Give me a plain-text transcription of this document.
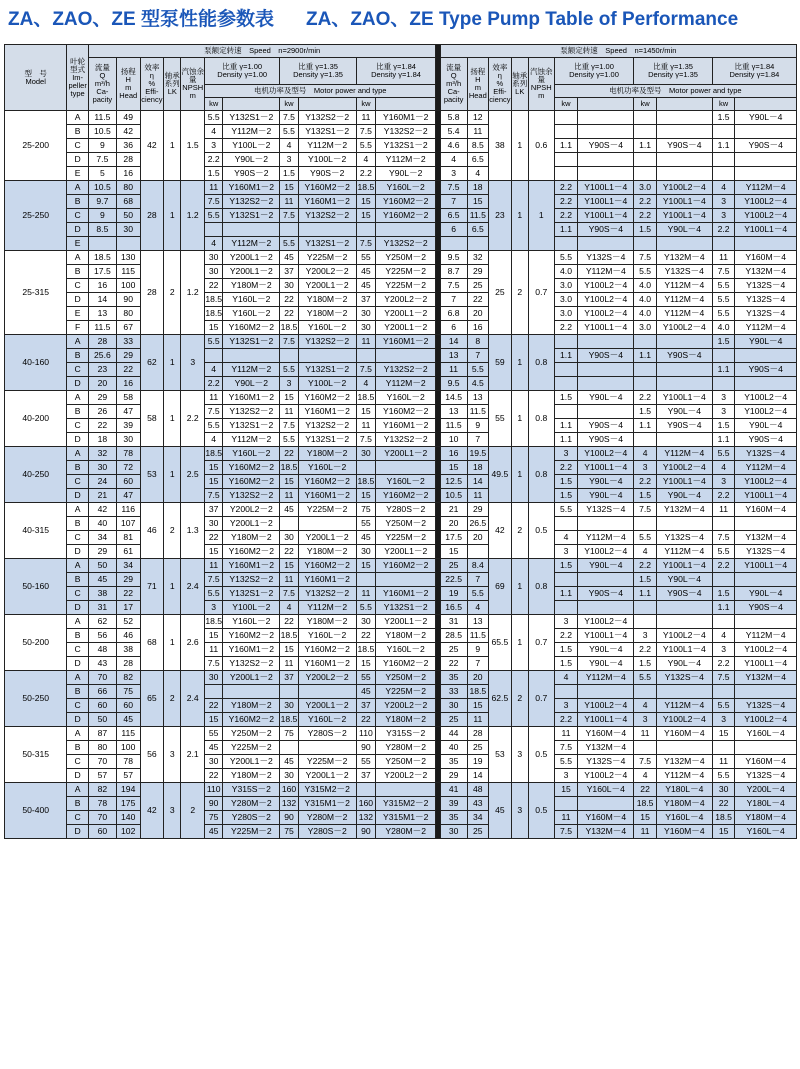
ZA、ZAO、ZE 型泵性能参数表 ZA、ZAO、ZE Type Pump Table of Performance
型　号
Model	叶轮型式
Im-
peller
type	泵额定转速　Speed　n=2900r/min												泵额定转速　Speed　n=1450r/min										
		流量
Q
m³/h
Ca-
pacity	扬程
H
m
Head	效率
η
%
Effi-
ciency	轴承系列
LK	汽蚀余量
NPSH
m	比重 γ=1.00
Density γ=1.00		比重 γ=1.35
Density γ=1.35		比重 γ=1.84
Density γ=1.84			流量
Q
m³/h
Ca-
pacity	扬程
H
m
Head	效率
η
%
Effi-
ciency	轴承系列
LK	汽蚀余量
NPSH
m	比重 γ=1.00
Density γ=1.00		比重 γ=1.35
Density γ=1.35		比重 γ=1.84
Density γ=1.84	
							电机功率及型号　Motor power and type												电机功率及型号　Motor power and type					
							kw		kw		kw								kw		kw		kw	
25-200	A	11.5	49	42	1	1.5	5.5	Y132S1－2	7.5	Y132S2－2	11	Y160M1－2		5.8	12	38	1	0.6					1.5	Y90L－4
	B	10.5	42				4	Y112M－2	5.5	Y132S1－2	7.5	Y132S2－2		5.4	11									
	C	9	36				3	Y100L－2	4	Y112M－2	5.5	Y132S1－2		4.6	8.5				1.1	Y90S－4	1.1	Y90S－4	1.1	Y90S－4
	D	7.5	28				2.2	Y90L－2	3	Y100L－2	4	Y112M－2		4	6.5									
	E	5	16				1.5	Y90S－2	1.5	Y90S－2	2.2	Y90L－2		3	4									
25-250	A	10.5	80	28	1	1.2	11	Y160M1－2	15	Y160M2－2	18.5	Y160L－2		7.5	18	23	1	1	2.2	Y100L1－4	3.0	Y100L2－4	4	Y112M－4
	B	9.7	68				7.5	Y132S2－2	11	Y160M1－2	15	Y160M2－2		7	15				2.2	Y100L1－4	2.2	Y100L1－4	3	Y100L2－4
	C	9	50				5.5	Y132S1－2	7.5	Y132S2－2	15	Y160M2－2		6.5	11.5				2.2	Y100L1－4	2.2	Y100L1－4	3	Y100L2－4
	D	8.5	30											6	6.5				1.1	Y90S－4	1.5	Y90L－4	2.2	Y100L1－4
	E						4	Y112M－2	5.5	Y132S1－2	7.5	Y132S2－2												
25-315	A	18.5	130	28	2	1.2	30	Y200L1－2	45	Y225M－2	55	Y250M－2		9.5	32	25	2	0.7	5.5	Y132S－4	7.5	Y132M－4	11	Y160M－4
	B	17.5	115				30	Y200L1－2	37	Y200L2－2	45	Y225M－2		8.7	29				4.0	Y112M－4	5.5	Y132S－4	7.5	Y132M－4
	C	16	100				22	Y180M－2	30	Y200L1－2	45	Y225M－2		7.5	25				3.0	Y100L2－4	4.0	Y112M－4	5.5	Y132S－4
	D	14	90				18.5	Y160L－2	22	Y180M－2	37	Y200L2－2		7	22				3.0	Y100L2－4	4.0	Y112M－4	5.5	Y132S－4
	E	13	80				18.5	Y160L－2	22	Y180M－2	30	Y200L1－2		6.8	20				3.0	Y100L2－4	4.0	Y112M－4	5.5	Y132S－4
	F	11.5	67				15	Y160M2－2	18.5	Y160L－2	30	Y200L1－2		6	16				2.2	Y100L1－4	3.0	Y100L2－4	4.0	Y112M－4
40-160	A	28	33	62	1	3	5.5	Y132S1－2	7.5	Y132S2－2	11	Y160M1－2		14	8	59	1	0.8					1.5	Y90L－4
	B	25.6	29											13	7				1.1	Y90S－4	1.1	Y90S－4		
	C	23	22				4	Y112M－2	5.5	Y132S1－2	7.5	Y132S2－2		11	5.5								1.1	Y90S－4
	D	20	16				2.2	Y90L－2	3	Y100L－2	4	Y112M－2		9.5	4.5									
40-200	A	29	58	58	1	2.2	11	Y160M1－2	15	Y160M2－2	18.5	Y160L－2		14.5	13	55	1	0.8	1.5	Y90L－4	2.2	Y100L1－4	3	Y100L2－4
	B	26	47				7.5	Y132S2－2	11	Y160M1－2	15	Y160M2－2		13	11.5						1.5	Y90L－4	3	Y100L2－4
	C	22	39				5.5	Y132S1－2	7.5	Y132S2－2	11	Y160M1－2		11.5	9				1.1	Y90S－4	1.1	Y90S－4	1.5	Y90L－4
	D	18	30				4	Y112M－2	5.5	Y132S1－2	7.5	Y132S2－2		10	7				1.1	Y90S－4			1.1	Y90S－4
40-250	A	32	78	53	1	2.5	18.5	Y160L－2	22	Y180M－2	30	Y200L1－2		16	19.5	49.5	1	0.8	3	Y100L2－4	4	Y112M－4	5.5	Y132S－4
	B	30	72				15	Y160M2－2	18.5	Y160L－2				15	18				2.2	Y100L1－4	3	Y100L2－4	4	Y112M－4
	C	24	60				15	Y160M2－2	15	Y160M2－2	18.5	Y160L－2		12.5	14				1.5	Y90L－4	2.2	Y100L1－4	3	Y100L2－4
	D	21	47				7.5	Y132S2－2	11	Y160M1－2	15	Y160M2－2		10.5	11				1.5	Y90L－4	1.5	Y90L－4	2.2	Y100L1－4
40-315	A	42	116	46	2	1.3	37	Y200L2－2	45	Y225M－2	75	Y280S－2		21	29	42	2	0.5	5.5	Y132S－4	7.5	Y132M－4	11	Y160M－4
	B	40	107				30	Y200L1－2			55	Y250M－2		20	26.5									
	C	34	81				22	Y180M－2	30	Y200L1－2	45	Y225M－2		17.5	20				4	Y112M－4	5.5	Y132S－4	7.5	Y132M－4
	D	29	61				15	Y160M2－2	22	Y180M－2	30	Y200L1－2		15					3	Y100L2－4	4	Y112M－4	5.5	Y132S－4
50-160	A	50	34	71	1	2.4	11	Y160M1－2	15	Y160M2－2	15	Y160M2－2		25	8.4	69	1	0.8	1.5	Y90L－4	2.2	Y100L1－4	2.2	Y100L1－4
	B	45	29				7.5	Y132S2－2	11	Y160M1－2				22.5	7						1.5	Y90L－4		
	C	38	22				5.5	Y132S1－2	7.5	Y132S2－2	11	Y160M1－2		19	5.5				1.1	Y90S－4	1.1	Y90S－4	1.5	Y90L－4
	D	31	17				3	Y100L－2	4	Y112M－2	5.5	Y132S1－2		16.5	4								1.1	Y90S－4
50-200	A	62	52	68	1	2.6	18.5	Y160L－2	22	Y180M－2	30	Y200L1－2		31	13	65.5	1	0.7	3	Y100L2－4				
	B	56	46				15	Y160M2－2	18.5	Y160L－2	22	Y180M－2		28.5	11.5				2.2	Y100L1－4	3	Y100L2－4	4	Y112M－4
	C	48	38				11	Y160M1－2	15	Y160M2－2	18.5	Y160L－2		25	9				1.5	Y90L－4	2.2	Y100L1－4	3	Y100L2－4
	D	43	28				7.5	Y132S2－2	11	Y160M1－2	15	Y160M2－2		22	7				1.5	Y90L－4	1.5	Y90L－4	2.2	Y100L1－4
50-250	A	70	82	65	2	2.4	30	Y200L1－2	37	Y200L2－2	55	Y250M－2		35	20	62.5	2	0.7	4	Y112M－4	5.5	Y132S－4	7.5	Y132M－4
	B	66	75								45	Y225M－2		33	18.5									
	C	60	60				22	Y180M－2	30	Y200L1－2	37	Y200L2－2		30	15				3	Y100L2－4	4	Y112M－4	5.5	Y132S－4
	D	50	45				15	Y160M2－2	18.5	Y160L－2	22	Y180M－2		25	11				2.2	Y100L1－4	3	Y100L2－4	3	Y100L2－4
50-315	A	87	115	56	3	2.1	55	Y250M－2	75	Y280S－2	110	Y315S－2		44	28	53	3	0.5	11	Y160M－4	11	Y160M－4	15	Y160L－4
	B	80	100				45	Y225M－2			90	Y280M－2		40	25				7.5	Y132M－4				
	C	70	78				30	Y200L1－2	45	Y225M－2	55	Y250M－2		35	19				5.5	Y132S－4	7.5	Y132M－4	11	Y160M－4
	D	57	57				22	Y180M－2	30	Y200L1－2	37	Y200L2－2		29	14				3	Y100L2－4	4	Y112M－4	5.5	Y132S－4
50-400	A	82	194	42	3	2	110	Y315S－2	160	Y315M2－2				41	48	45	3	0.5	15	Y160L－4	22	Y180L－4	30	Y200L－4
	B	78	175				90	Y280M－2	132	Y315M1－2	160	Y315M2－2		39	43						18.5	Y180M－4	22	Y180L－4
	C	70	140				75	Y280S－2	90	Y280M－2	132	Y315M1－2		35	34				11	Y160M－4	15	Y160L－4	18.5	Y180M－4
	D	60	102				45	Y225M－2	75	Y280S－2	90	Y280M－2		30	25				7.5	Y132M－4	11	Y160M－4	15	Y160L－4
